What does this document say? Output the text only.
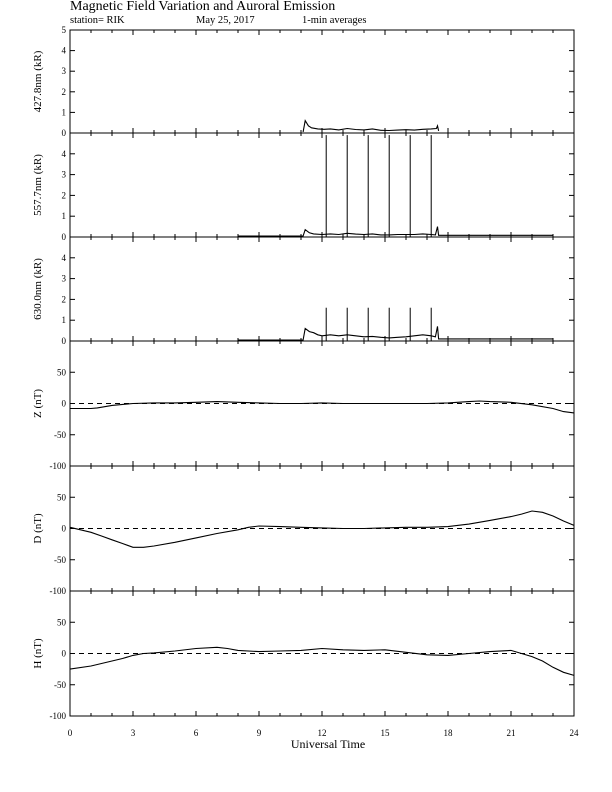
Magnetic Field Variation and Auroral Emission
station= RIK	May 25, 2017	1-min averages
0
1
2
3
4
5
427.8nm (kR)
0
1
2
3
4
557.7nm (kR)
0
1
2
3
4
630.0nm (kR)
-100
-50
0
50
Z (nT)
-100
-50
0
50
D (nT)
-100
-50
0
50
H (nT)
0	3	6	9	12	15	18	21	24
Universal Time
